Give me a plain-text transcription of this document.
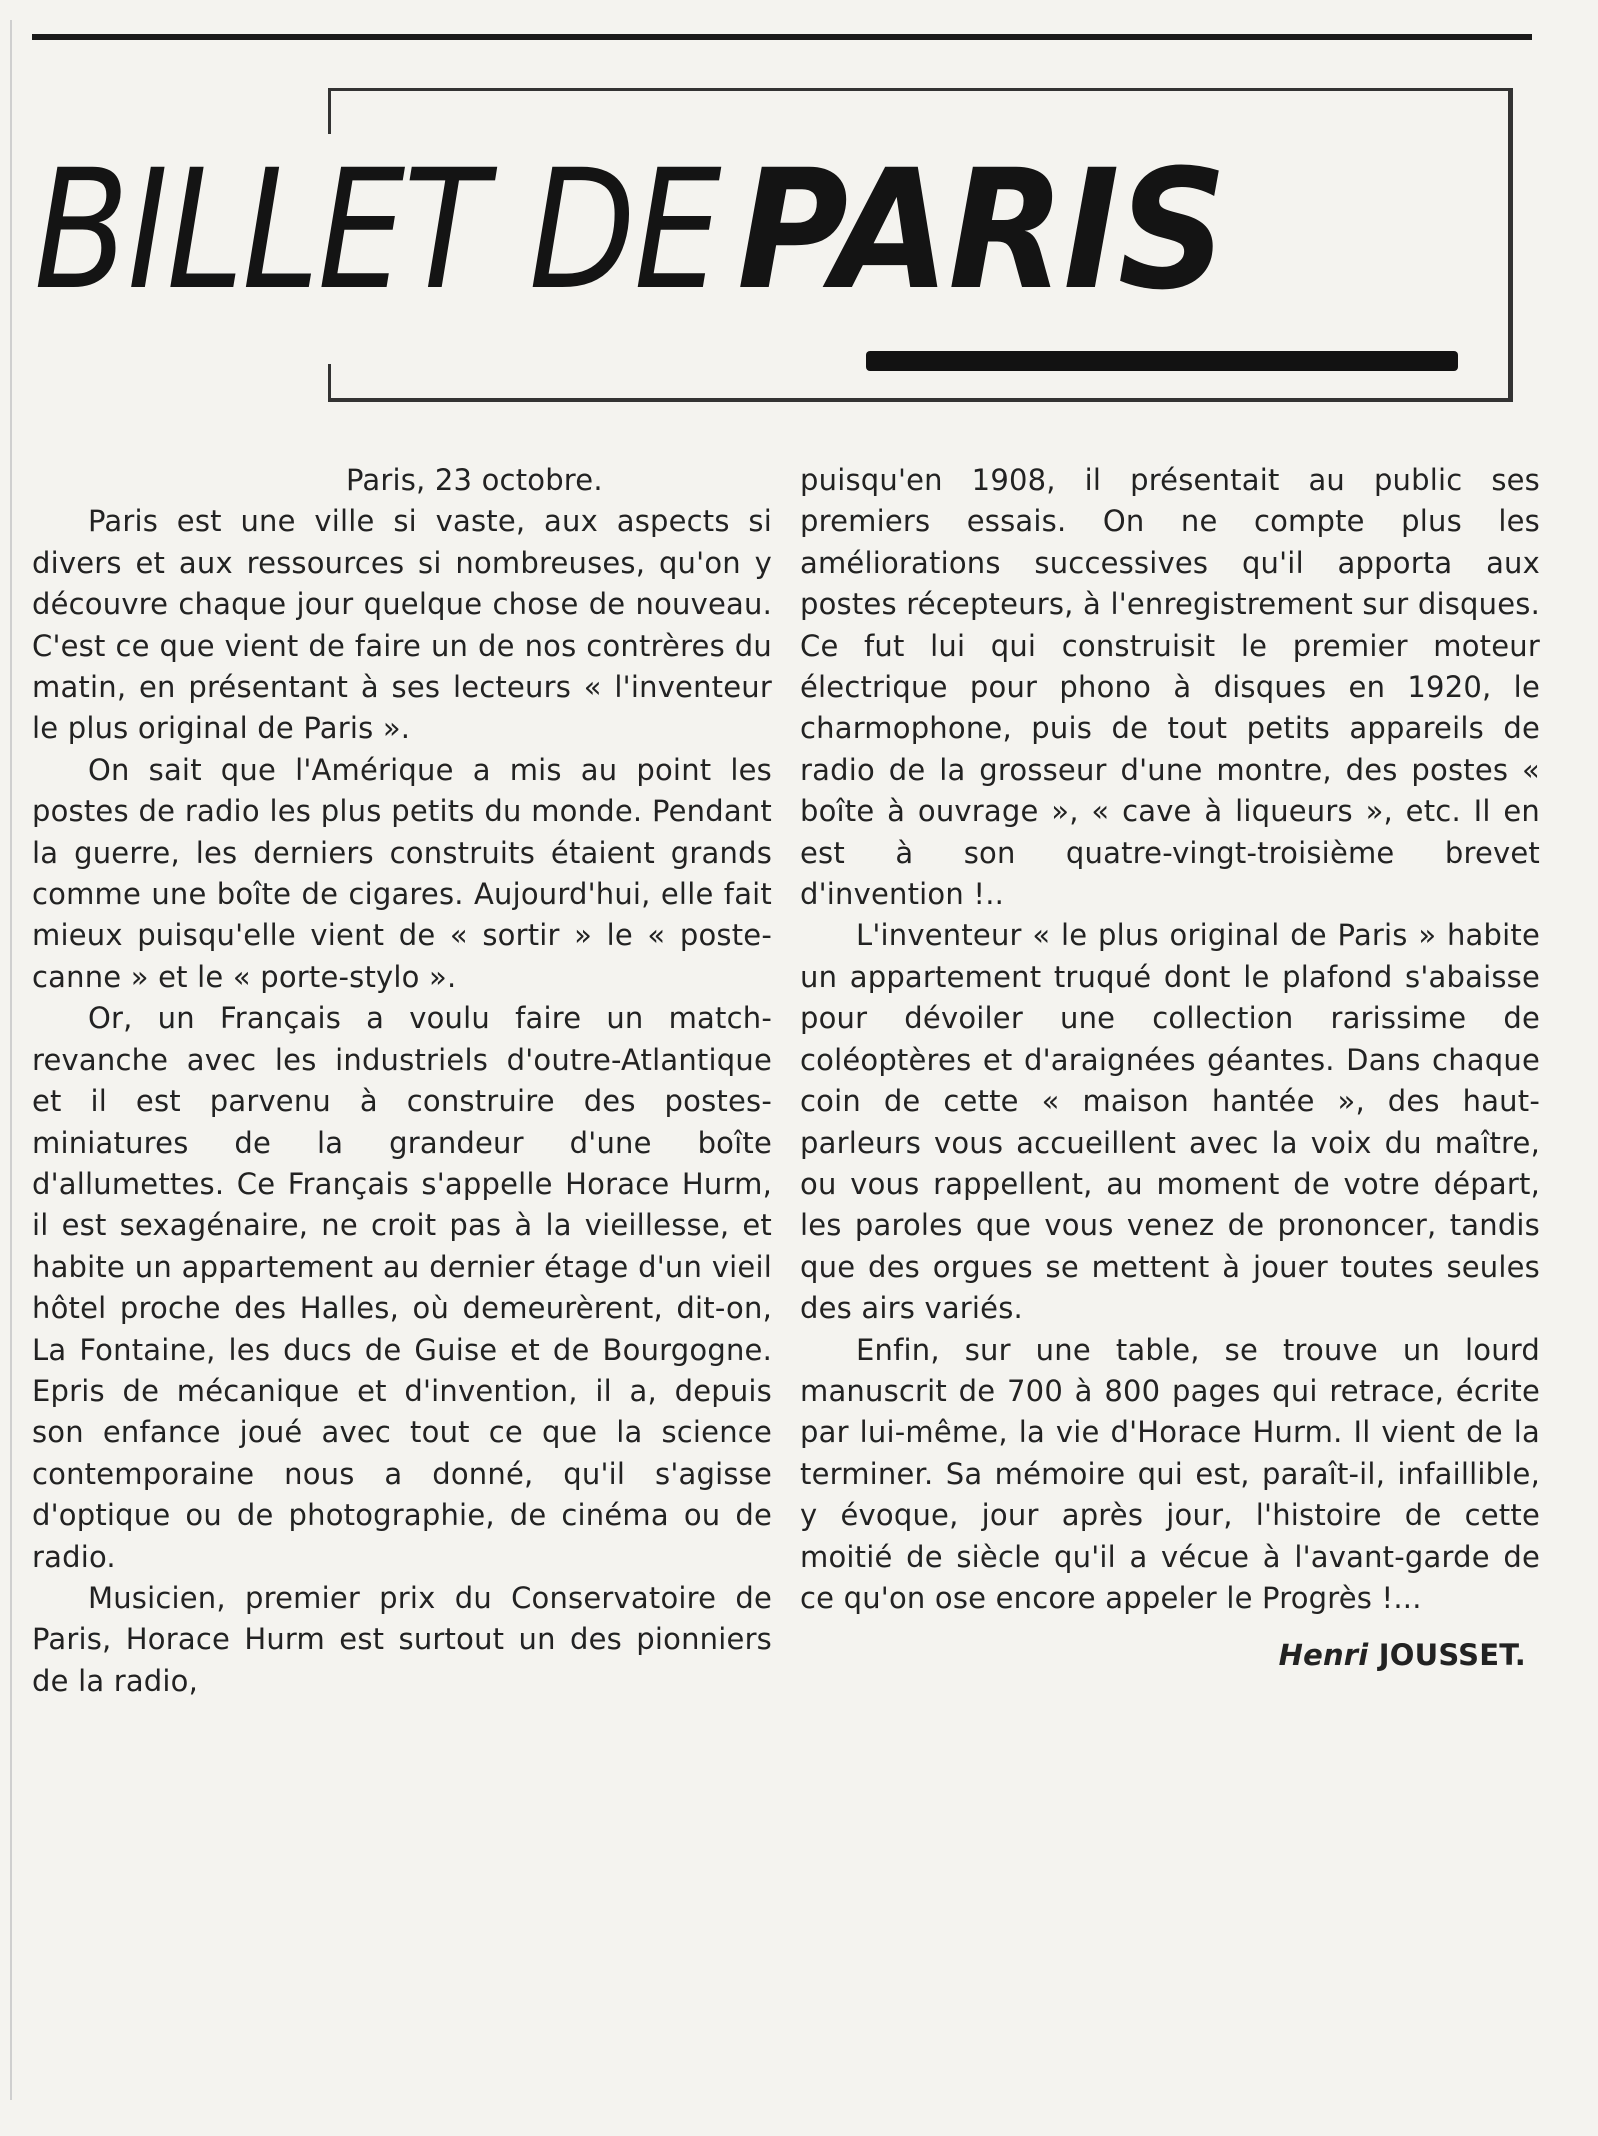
BILLET DE PARIS

Paris, 23 octobre.

Paris est une ville si vaste, aux aspects si divers et aux ressources si nombreuses, qu'on y découvre chaque jour quelque chose de nouveau. C'est ce que vient de faire un de nos contrères du matin, en présentant à ses lecteurs « l'inventeur le plus original de Paris ».

On sait que l'Amérique a mis au point les postes de radio les plus petits du monde. Pendant la guerre, les derniers construits étaient grands comme une boîte de cigares. Aujourd'hui, elle fait mieux puisqu'elle vient de « sortir » le « poste-canne » et le « porte-stylo ».

Or, un Français a voulu faire un match-revanche avec les industriels d'outre-Atlantique et il est parvenu à construire des postes-miniatures de la grandeur d'une boîte d'allumettes. Ce Français s'appelle Horace Hurm, il est sexagénaire, ne croit pas à la vieillesse, et habite un appartement au dernier étage d'un vieil hôtel proche des Halles, où demeurèrent, dit-on, La Fontaine, les ducs de Guise et de Bourgogne. Epris de mécanique et d'invention, il a, depuis son enfance joué avec tout ce que la science contemporaine nous a donné, qu'il s'agisse d'optique ou de photographie, de cinéma ou de radio.

Musicien, premier prix du Conservatoire de Paris, Horace Hurm est surtout un des pionniers de la radio,

puisqu'en 1908, il présentait au public ses premiers essais. On ne compte plus les améliorations successives qu'il apporta aux postes récepteurs, à l'enregistrement sur disques. Ce fut lui qui construisit le premier moteur électrique pour phono à disques en 1920, le charmophone, puis de tout petits appareils de radio de la grosseur d'une montre, des postes « boîte à ouvrage », « cave à liqueurs », etc. Il en est à son quatre-vingt-troisième brevet d'invention !..

L'inventeur « le plus original de Paris » habite un appartement truqué dont le plafond s'abaisse pour dévoiler une collection rarissime de coléoptères et d'araignées géantes. Dans chaque coin de cette « maison hantée », des haut-parleurs vous accueillent avec la voix du maître, ou vous rappellent, au moment de votre départ, les paroles que vous venez de prononcer, tandis que des orgues se mettent à jouer toutes seules des airs variés.

Enfin, sur une table, se trouve un lourd manuscrit de 700 à 800 pages qui retrace, écrite par lui-même, la vie d'Horace Hurm. Il vient de la terminer. Sa mémoire qui est, paraît-il, infaillible, y évoque, jour après jour, l'histoire de cette moitié de siècle qu'il a vécue à l'avant-garde de ce qu'on ose encore appeler le Progrès !...

Henri JOUSSET.
